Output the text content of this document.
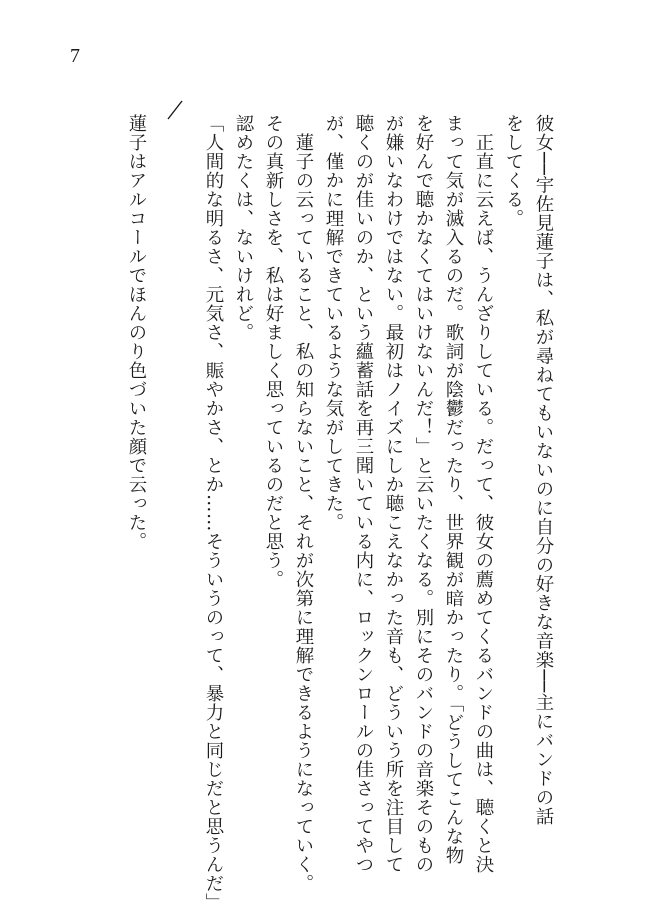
7

彼女──宇佐見蓮子は、私が尋ねてもいないのに自分の好きな音楽──主にバンドの話

をしてくる。

　正直に云えば、うんざりしている。だって、彼女の薦めてくるバンドの曲は、聴くと決

まって気が滅入るのだ。歌詞が陰鬱だったり、世界観が暗かったり。「どうしてこんな物

を好んで聴かなくてはいけないんだ！」と云いたくなる。別にそのバンドの音楽そのもの

が嫌いなわけではない。最初はノイズにしか聴こえなかった音も、どういう所を注目して

聴くのが佳いのか、という蘊蓄話を再三聞いている内に、ロックンロールの佳さってやつ

が、僅かに理解できているような気がしてきた。

　蓮子の云っていること、私の知らないこと、それが次第に理解できるようになっていく。

その真新しさを、私は好ましく思っているのだと思う。

認めたくは、ないけれど。

「人間的な明るさ、元気さ、賑やかさ、とか……そういうのって、暴力と同じだと思うんだ」

蓮子はアルコールでほんのり色づいた顔で云った。
